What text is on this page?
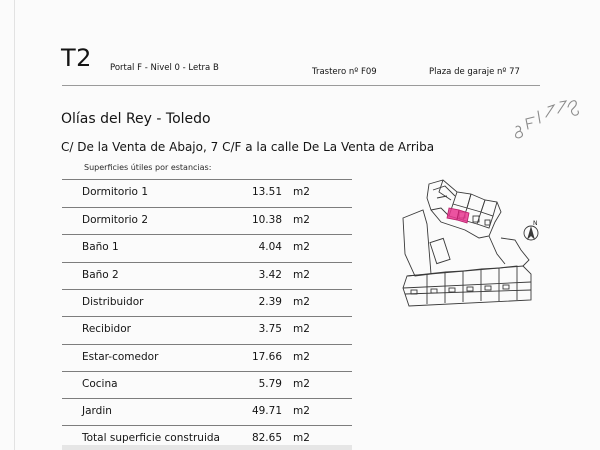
T2 Portal F - Nivel 0 - Letra B	Trastero nº F09	Plaza de garaje nº 77
Olías del Rey - Toledo
C/ De la Venta de Abajo, 7 C/F a la calle De La Venta de Arriba
Superficies útiles por estancias:
Dormitorio 1	13.51 m2
Dormitorio 2	10.38 m2
Baño 1	4.04 m2
Baño 2	3.42 m2
Distribuidor	2.39 m2
Recibidor	3.75 m2
Estar-comedor	17.66 m2
Cocina	5.79 m2
Jardin	49.71 m2
Total superficie construida	82.65 m2
N
